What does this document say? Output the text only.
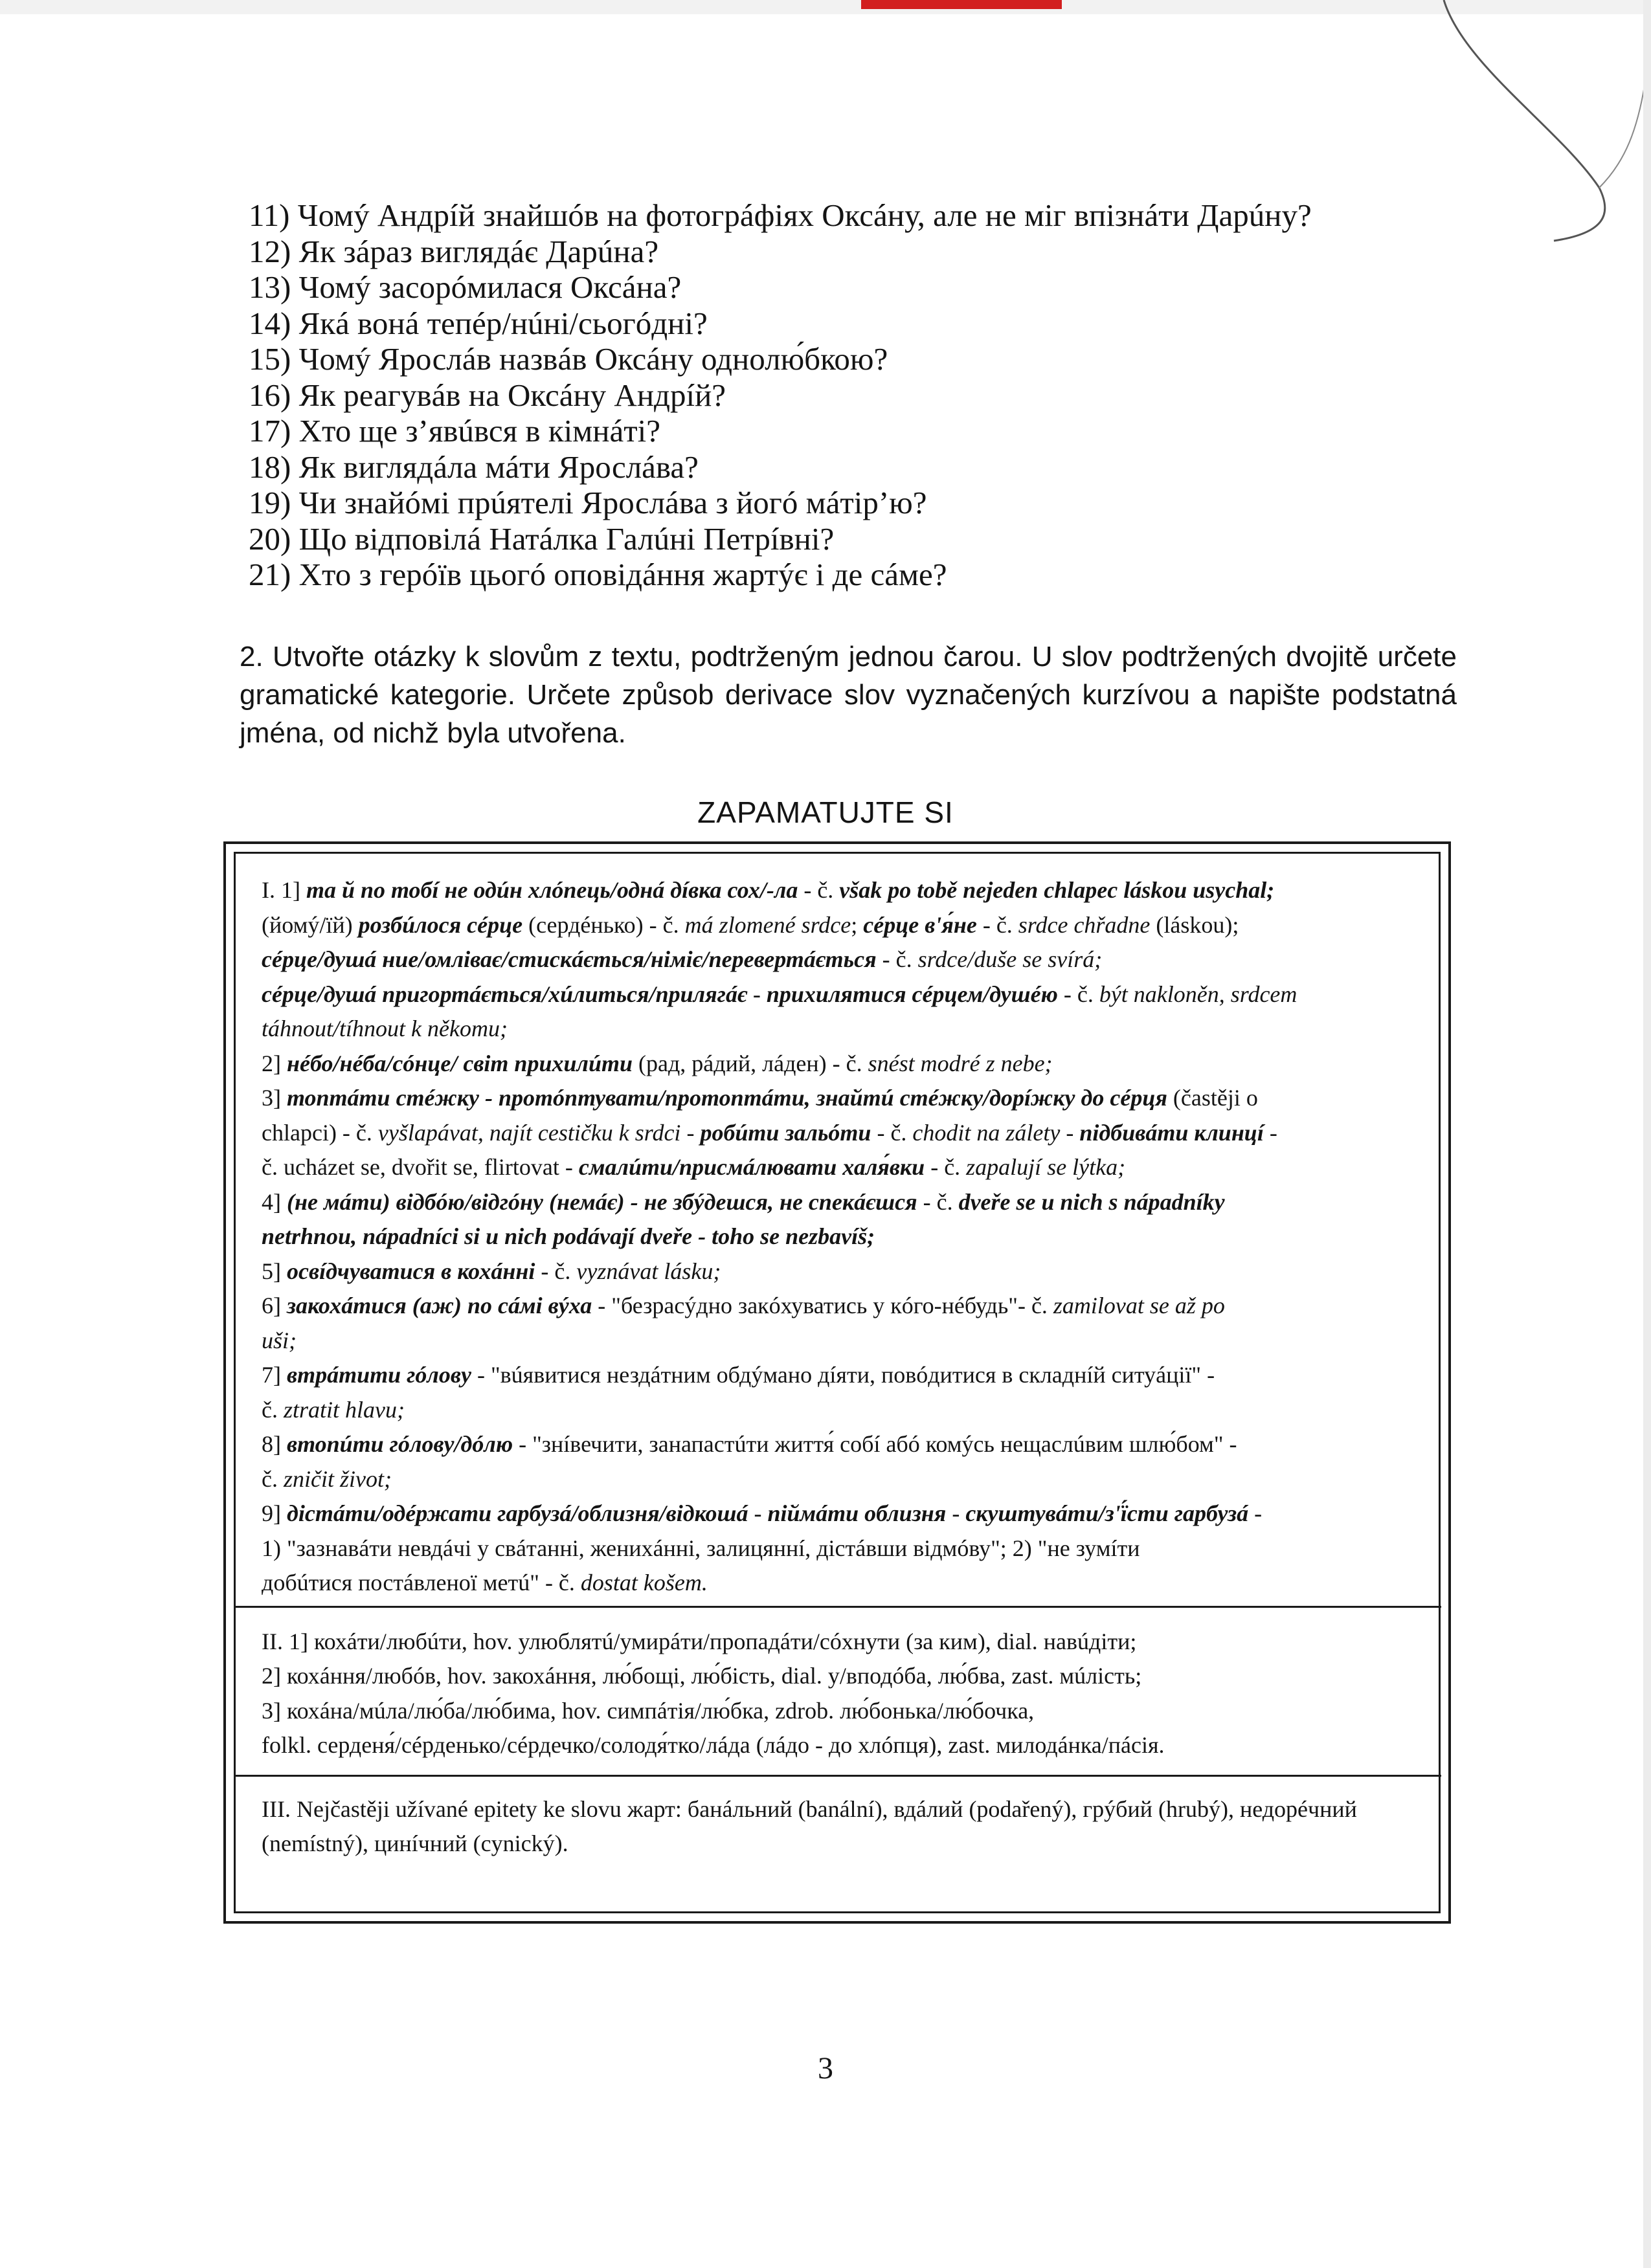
11) Чомý Андрíй знайшóв на фотогрáфіях Оксáну, але не міг впізнáти Дарúну?
12) Як зáраз виглядáє Дарúна?
13) Чомý засорóмилася Оксáна?
14) Якá вонá тепéр/нúні/сьогóдні?
15) Чомý Ярослáв назвáв Оксáну однолю́бкою?
16) Як реагувáв на Оксáну Андрíй?
17) Хто ще з’явúвся в кімнáті?
18) Як виглядáла мáти Ярослáва?
19) Чи знайóмі прúятелі Ярослáва з йогó мáтір’ю?
20) Що відповілá Натáлка Галúні Петрíвні?
21) Хто з герóїв цьогó оповідáння жартýє і де сáме?
2. Utvořte otázky k slovům z textu, podtrženým jednou čarou. U slov podtržených dvojitě určete gramatické kategorie. Určete způsob derivace slov vyznačených kurzívou a napište podstatná jména, od nichž byla utvořena.
ZAPAMATUJTE SI

I. 1] та й по тобí не одúн хлóпець/однá дíвка сох/-ла - č. však po tobě nejeden chlapec láskou usychal;

(йомý/їй) розбúлося сéрце (сердéнько) - č. má zlomené srdce; сéрце в'я́не - č. srdce chřadne (láskou);

сéрце/душá ние/омліває/стискáється/німіє/перевертáється - č. srdce/duše se svírá;

сéрце/душá пригортáється/хúлиться/прилягáє - прихилятися сéрцем/душéю - č. být nakloněn, srdcem

táhnout/tíhnout k někomu;

2] нéбо/нéба/сóнце/ світ прихилúти (рад, рáдий, лáден) - č. snést modré z nebe;

3] топтáти стéжку - протóптувати/протоптáти, знайтú стéжку/дорíжку до сéрця (častěji o

chlapci) - č. vyšlapávat, najít cestičku k srdci - робúти зальóти - č. chodit na zálety - підбивáти клинцí -

č. ucházet se, dvořit se, flirtovat - смалúти/присмáлювати халя́вки - č. zapalují se lýtka;

4] (не мáти) відбóю/відгóну (немáє) - не збýдешся, не спекáєшся - č. dveře se u nich s nápadníky

netrhnou, nápadníci si u nich podávají dveře - toho se nezbavíš;

5] освíдчуватися в кохáнні - č. vyznávat lásku;

6] закохáтися (аж) по сáмі вýха - "безрасýдно закóхуватись у кóго-нéбудь"- č. zamilovat se až po

uši;

7] втрáтити гóлову - "вúявитися нездáтним обдýмано дíяти, повóдитися в складнíй ситуáції" -

č. ztratit hlavu;

8] втопúти гóлову/дóлю - "знíвечити, занапастúти життя́ собí абó комýсь нещаслúвим шлю́бом" -

č. zničit život;

9] дістáти/одéржати гарбузá/облизня/відкошá - піймáти облизня - скуштувáти/з'ї́сти гарбузá -

1) "зазнавáти невдáчі у свáтанні, женихáнні, залицяннí, дістáвши відмóву"; 2) "не зумíти

добúтися постáвленої метú" - č. dostat košem.

II. 1] кохáти/любúти, hov. улюблятú/умирáти/пропадáти/сóхнути (за ким), dial. навúдіти;

2] кохáння/любóв, hov. закохáння, лю́бощі, лю́бість, dial. у/вподóба, лю́бва, zast. мúлість;

3] кохáна/мúла/лю́ба/лю́бима, hov. симпáтія/лю́бка, zdrob. лю́бонька/лю́бочка,

folkl. серденя́/сéрденько/сéрдечко/солодя́тко/лáда (лáдо - до хлóпця), zast. милодáнка/пáсія.

III. Nejčastěji užívané epitety ke slovu жарт: банáльний (banální), вдáлий (podařený), грýбий (hrubý), недорéчний (nemístný), цинíчний (cynický).
3
